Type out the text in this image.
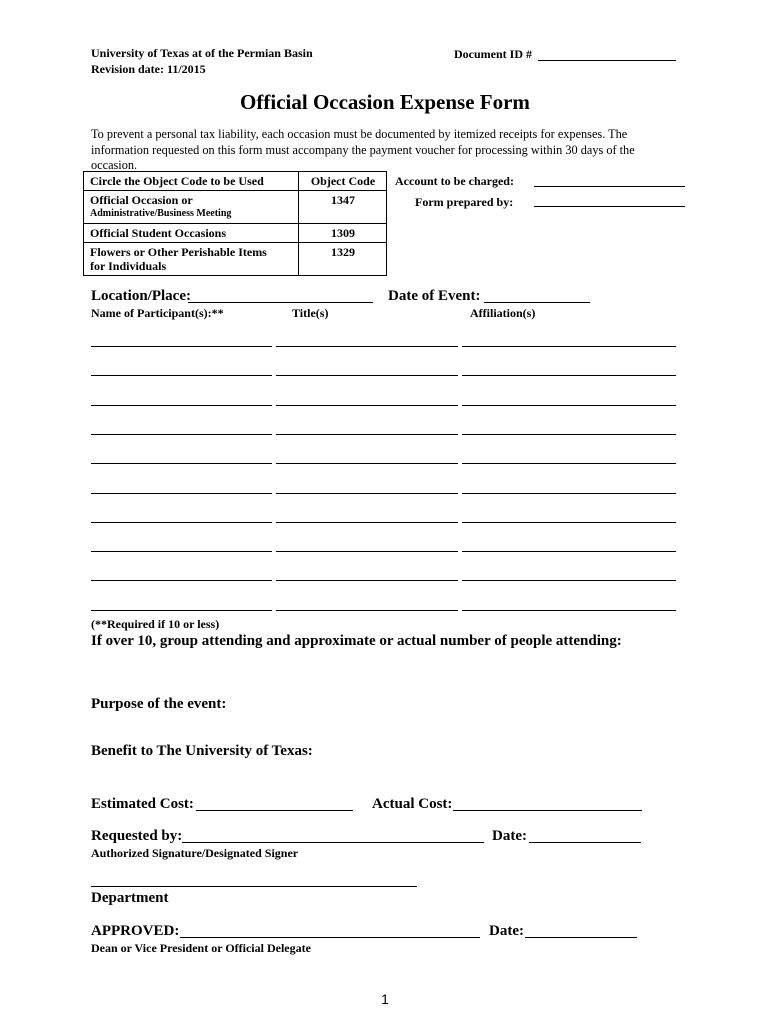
University of Texas at of the Permian Basin
Revision date: 11/2015
Document ID #
Official Occasion Expense Form
To prevent a personal tax liability, each occasion must be documented by itemized receipts for expenses. The information requested on this form must accompany the payment voucher for processing within 30 days of the occasion.
Circle the Object Code to be Used	Object Code

Official Occasion or
Administrative/Business Meeting	1347
Official Student Occasions	1309

Flowers or Other Perishable Items
for Individuals	1329
Account to be charged:
Form prepared by:
Location/Place:	Date of Event:
Name of Participant(s):**	Title(s)	Affiliation(s)
(**Required if 10 or less)
If over 10, group attending and approximate or actual number of people attending:
Purpose of the event:
Benefit to The University of Texas:
Estimated Cost:	Actual Cost:
Requested by:	Date:
Authorized Signature/Designated Signer
Department
APPROVED:	Date:
Dean or Vice President or Official Delegate
1
